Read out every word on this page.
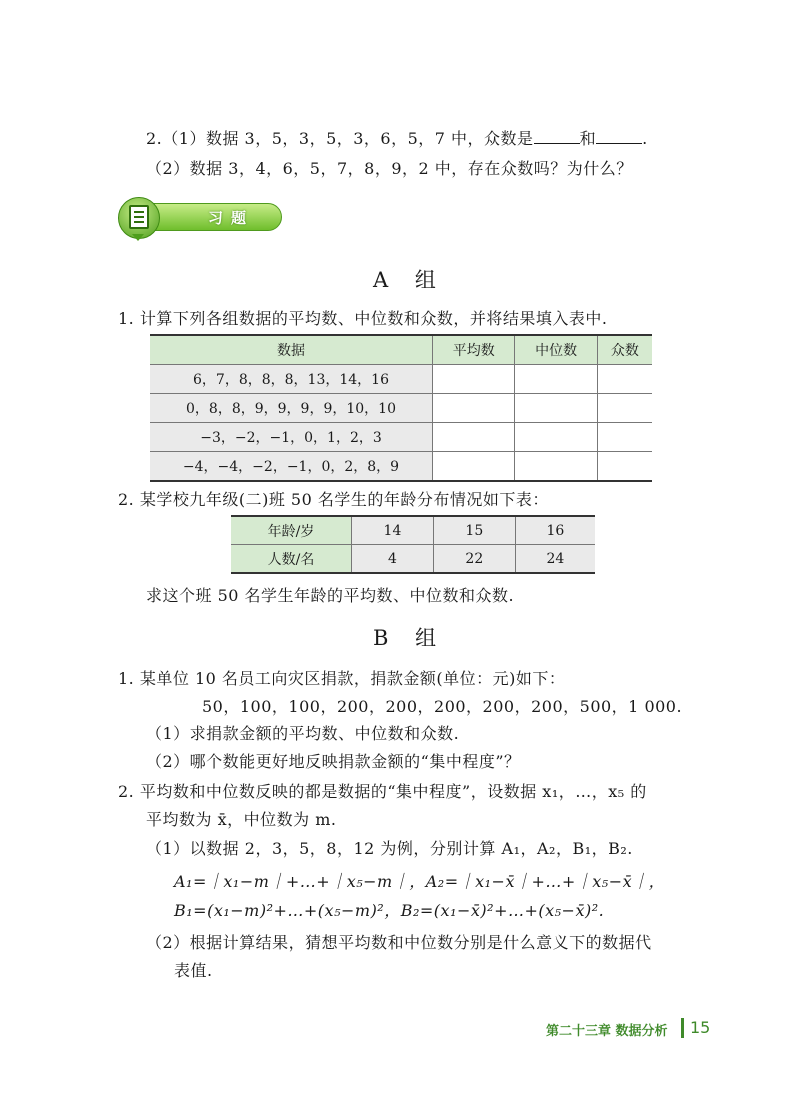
2.（1）数据 3，5，3，5，3，6，5，7 中，众数是	和	.
（2）数据 3，4，6，5，7，8，9，2 中，存在众数吗？为什么？
习题
A 组
1. 计算下列各组数据的平均数、中位数和众数，并将结果填入表中.
数据	平均数	中位数	众数
6，7，8，8，8，13，14，16			
0，8，8，9，9，9，9，10，10			
−3，−2，−1，0，1，2，3			
−4，−4，−2，−1，0，2，8，9			
2. 某学校九年级(二)班 50 名学生的年龄分布情况如下表：
年龄/岁	14	15	16
人数/名	4	22	24
求这个班 50 名学生年龄的平均数、中位数和众数.
B 组
1. 某单位 10 名员工向灾区捐款，捐款金额(单位：元)如下：
50，100，100，200，200，200，200，200，500，1 000.
（1）求捐款金额的平均数、中位数和众数.
（2）哪个数能更好地反映捐款金额的“集中程度”？
2. 平均数和中位数反映的都是数据的“集中程度”，设数据 x₁，…，x₅ 的
平均数为 x̄，中位数为 m.
（1）以数据 2，3，5，8，12 为例，分别计算 A₁，A₂，B₁，B₂.
A₁=｜x₁−m｜+…+｜x₅−m｜，A₂=｜x₁−x̄｜+…+｜x₅−x̄｜，
B₁=(x₁−m)²+…+(x₅−m)²，B₂=(x₁−x̄)²+…+(x₅−x̄)².
（2）根据计算结果，猜想平均数和中位数分别是什么意义下的数据代
表值.
第二十三章 数据分析 15
